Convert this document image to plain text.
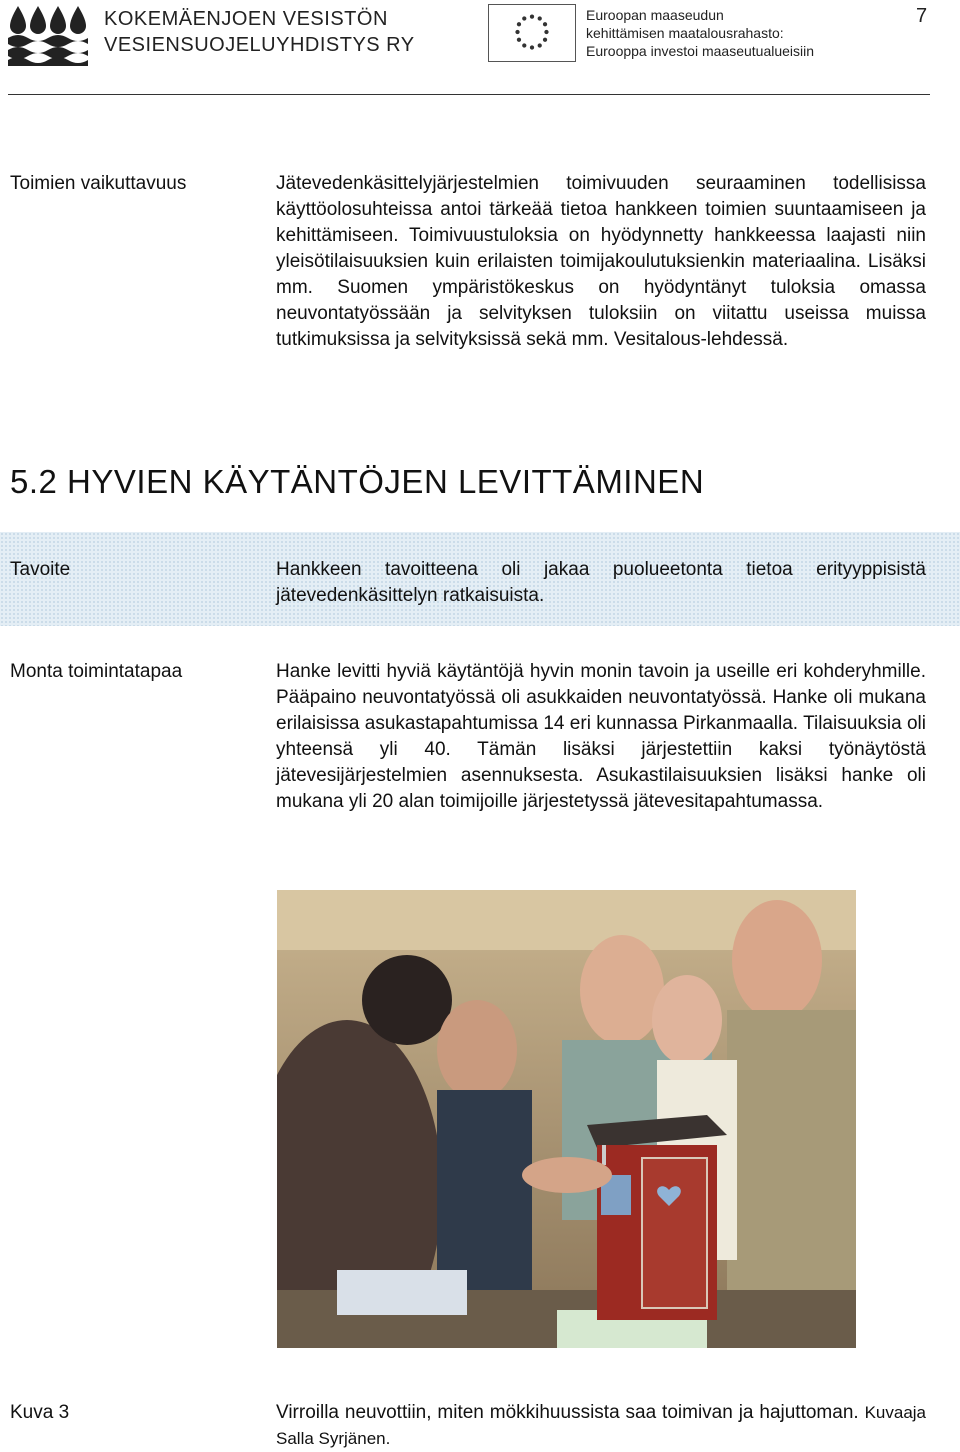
KOKEMÄENJOEN VESISTÖN
VESIENSUOJELUYHDISTYS RY
Euroopan maaseudun
kehittämisen maatalousrahasto:
Eurooppa investoi maaseutualueisiin
7
Toimien vaikuttavuus	Jätevedenkäsittelyjärjestelmien toimivuuden seuraaminen todellisissa käyttöolosuhteissa antoi tärkeää tietoa hankkeen toimien suuntaamiseen ja kehittämiseen. Toimivuustuloksia on hyödynnetty hankkeessa laajasti niin yleisötilaisuuksien kuin erilaisten toimijakoulutuksienkin materiaalina. Lisäksi mm. Suomen ympäristökeskus on hyödyntänyt tuloksia omassa neuvontatyössään ja selvityksen tuloksiin on viitattu useissa muissa tutkimuksissa ja selvityksissä sekä mm. Vesitalous-lehdessä.
5.2 HYVIEN KÄYTÄNTÖJEN LEVITTÄMINEN
Tavoite	Hankkeen tavoitteena oli jakaa puolueetonta tietoa erityyppisistä jätevedenkäsittelyn ratkaisuista.
Monta toimintatapaa	Hanke levitti hyviä käytäntöjä hyvin monin tavoin ja useille eri kohderyhmille. Pääpaino neuvontatyössä oli asukkaiden neuvontatyössä. Hanke oli mukana erilaisissa asukastapahtumissa 14 eri kunnassa Pirkanmaalla. Tilaisuuksia oli yhteensä yli 40. Tämän lisäksi järjestettiin kaksi työnäytöstä jätevesijärjestelmien asennuksesta. Asukastilaisuuksien lisäksi hanke oli mukana yli 20 alan toimijoille järjestetyssä jätevesitapahtumassa.
Kuva 3	Virroilla neuvottiin, miten mökkihuussista saa toimivan ja hajuttoman. Kuvaaja Salla Syrjänen.
